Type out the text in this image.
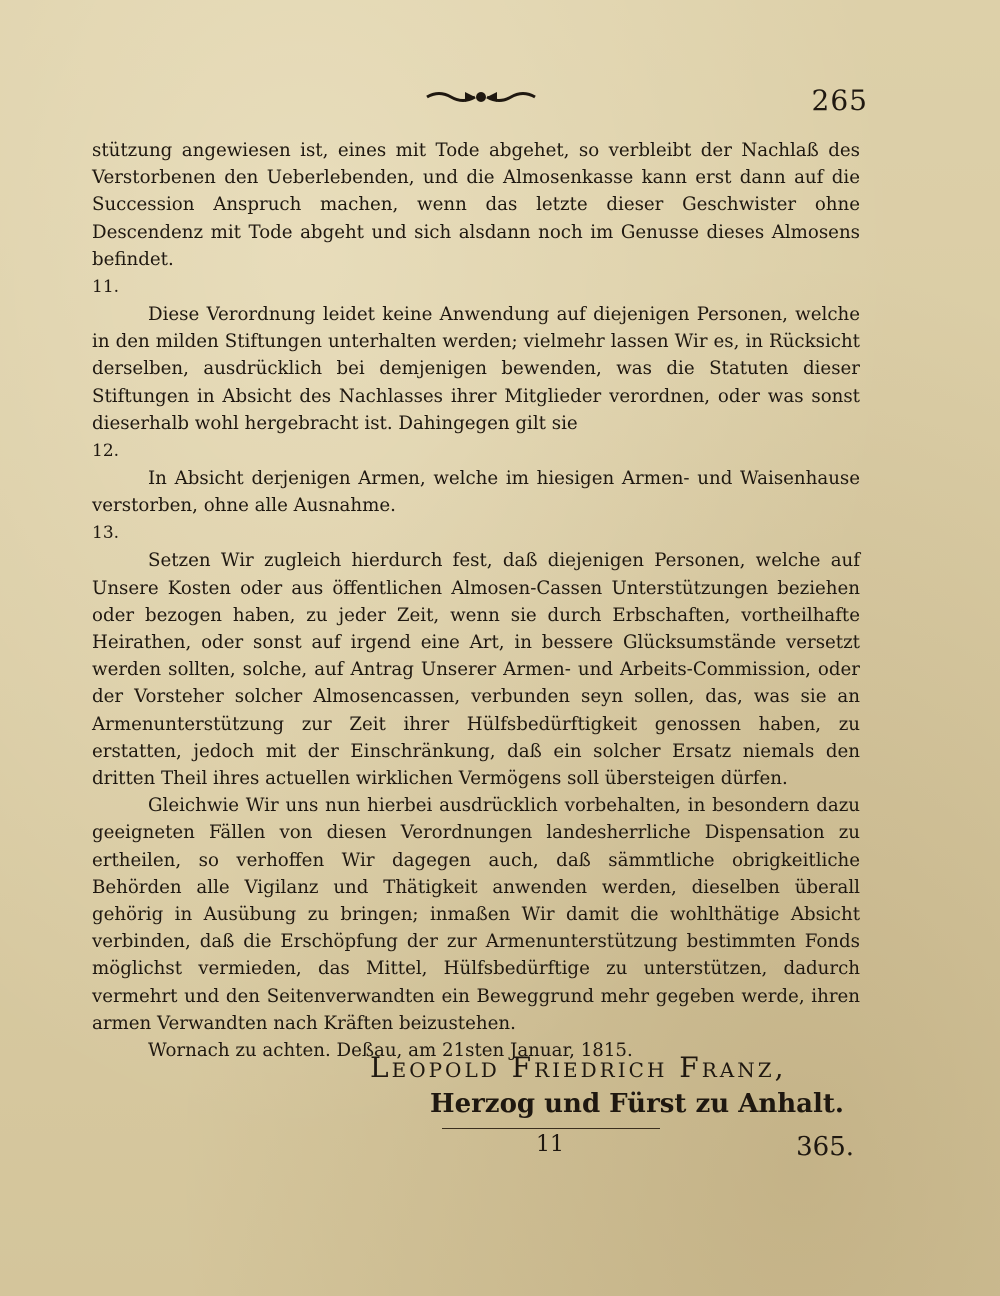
265

stützung angewiesen ist, eines mit Tode abgehet, so verbleibt der Nachlaß des Verstorbenen den Ueberlebenden, und die Almosenkasse kann erst dann auf die Succession Anspruch machen, wenn das letzte dieser Geschwister ohne Descendenz mit Tode abgeht und sich alsdann noch im Genusse dieses Almosens befindet.

11.

Diese Verordnung leidet keine Anwendung auf diejenigen Personen, welche in den milden Stiftungen unterhalten werden; vielmehr lassen Wir es, in Rücksicht derselben, ausdrücklich bei demjenigen bewenden, was die Statuten dieser Stiftungen in Absicht des Nachlasses ihrer Mitglieder verordnen, oder was sonst dieserhalb wohl hergebracht ist. Dahingegen gilt sie

12.

In Absicht derjenigen Armen, welche im hiesigen Armen- und Waisenhause verstorben, ohne alle Ausnahme.

13.

Setzen Wir zugleich hierdurch fest, daß diejenigen Personen, welche auf Unsere Kosten oder aus öffentlichen Almosen-Cassen Unterstützungen beziehen oder bezogen haben, zu jeder Zeit, wenn sie durch Erbschaften, vortheilhafte Heirathen, oder sonst auf irgend eine Art, in bessere Glücksumstände versetzt werden sollten, solche, auf Antrag Unserer Armen- und Arbeits-Commission, oder der Vorsteher solcher Almosencassen, verbunden seyn sollen, das, was sie an Armenunterstützung zur Zeit ihrer Hülfsbedürftigkeit genossen haben, zu erstatten, jedoch mit der Einschränkung, daß ein solcher Ersatz niemals den dritten Theil ihres actuellen wirklichen Vermögens soll übersteigen dürfen.

Gleichwie Wir uns nun hierbei ausdrücklich vorbehalten, in besondern dazu geeigneten Fällen von diesen Verordnungen landesherrliche Dispensation zu ertheilen, so verhoffen Wir dagegen auch, daß sämmtliche obrigkeitliche Behörden alle Vigilanz und Thätigkeit anwenden werden, dieselben überall gehörig in Ausübung zu bringen; inmaßen Wir damit die wohlthätige Absicht verbinden, daß die Erschöpfung der zur Armenunterstützung bestimmten Fonds möglichst vermieden, das Mittel, Hülfsbedürftige zu unterstützen, dadurch vermehrt und den Seitenverwandten ein Beweggrund mehr gegeben werde, ihren armen Verwandten nach Kräften beizustehen.

Wornach zu achten. Deßau, am 21sten Januar, 1815.

Leopold Friedrich Franz,
Herzog und Fürst zu Anhalt.
11	365.
